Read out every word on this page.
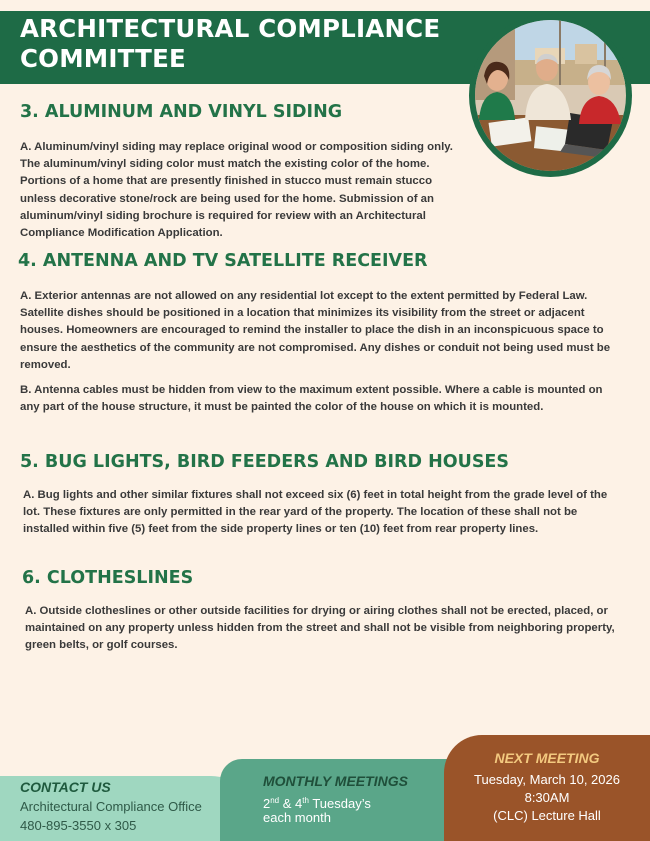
ARCHITECTURAL COMPLIANCE COMMITTEE
3. ALUMINUM AND VINYL SIDING
A. Aluminum/vinyl siding may replace original wood or composition siding only. The aluminum/vinyl siding color must match the existing color of the home. Portions of a home that are presently finished in stucco must remain stucco unless decorative stone/rock are being used for the home. Submission of an aluminum/vinyl siding brochure is required for review with an Architectural Compliance Modification Application.
4. ANTENNA AND TV SATELLITE RECEIVER
A. Exterior antennas are not allowed on any residential lot except to the extent permitted by Federal Law. Satellite dishes should be positioned in a location that minimizes its visibility from the street or adjacent houses. Homeowners are encouraged to remind the installer to place the dish in an inconspicuous space to ensure the aesthetics of the community are not compromised. Any dishes or conduit not being used must be removed.
B. Antenna cables must be hidden from view to the maximum extent possible. Where a cable is mounted on any part of the house structure, it must be painted the color of the house on which it is mounted.
5. BUG LIGHTS, BIRD FEEDERS AND BIRD HOUSES
A. Bug lights and other similar fixtures shall not exceed six (6) feet in total height from the grade level of the lot. These fixtures are only permitted in the rear yard of the property. The location of these shall not be installed within five (5) feet from the side property lines or ten (10) feet from rear property lines.
6. CLOTHESLINES
A. Outside clotheslines or other outside facilities for drying or airing clothes shall not be erected, placed, or maintained on any property unless hidden from the street and shall not be visible from neighboring property, green belts, or golf courses.
CONTACT US
Architectural Compliance Office
480-895-3550 x 305
MONTHLY MEETINGS
2nd & 4th Tuesday’s
each month
NEXT MEETING
Tuesday, March 10, 2026
8:30AM
(CLC) Lecture Hall
